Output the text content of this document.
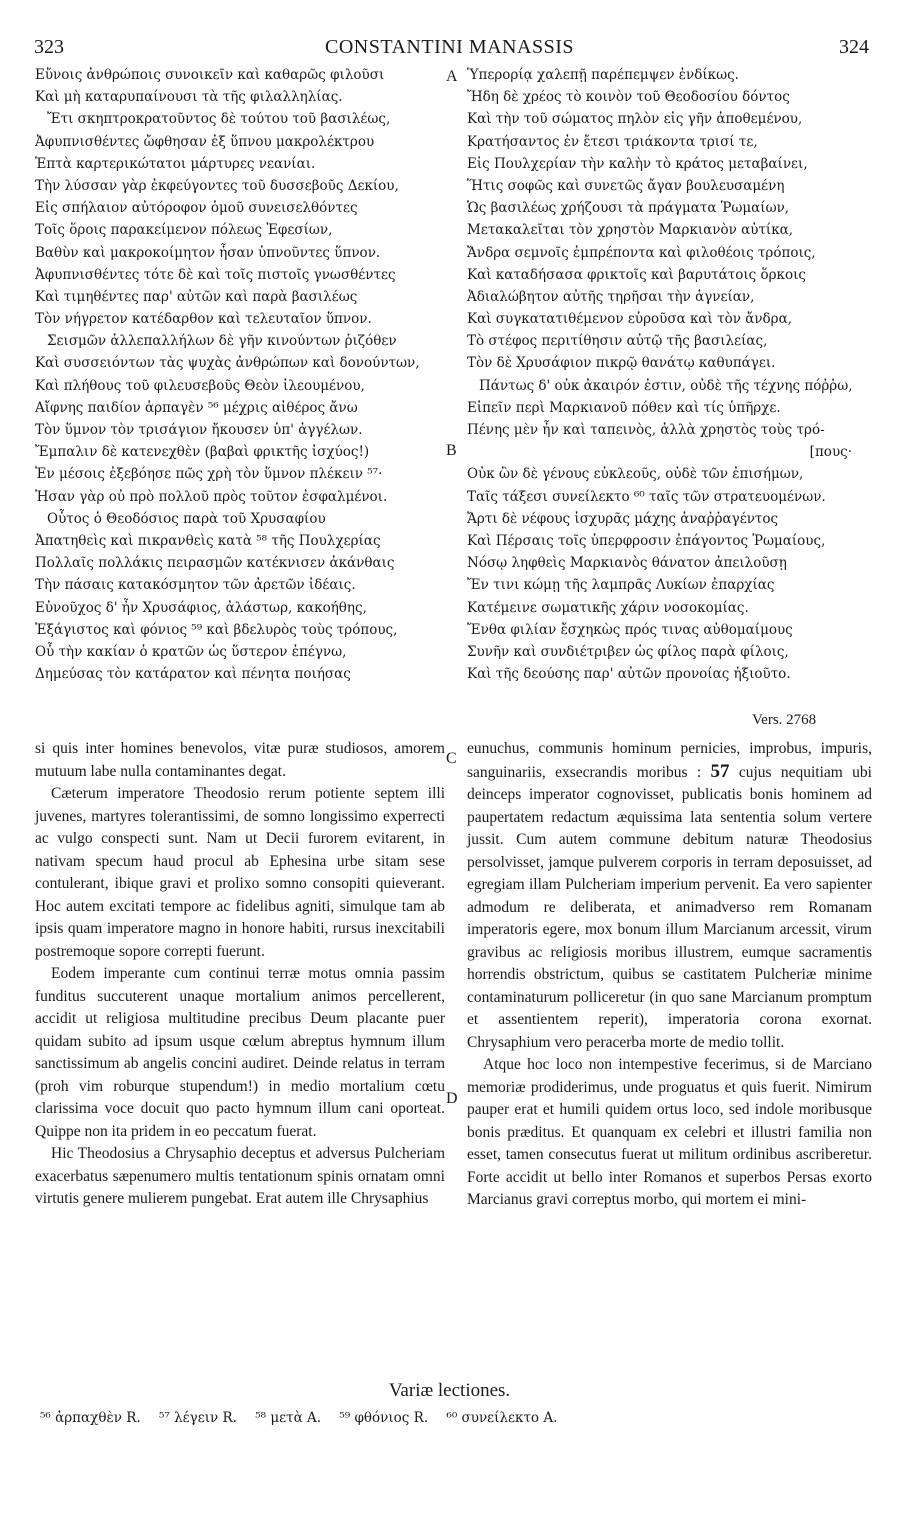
323	CONSTANTINI MANASSIS	324
Εὔνοις ἀνθρώποις συνοικεῖν καὶ καθαρῶς φιλοῦσι
Καὶ μὴ καταρυπαίνουσι τὰ τῆς φιλαλληλίας.
Ἔτι σκηπτροκρατοῦντος δὲ τούτου τοῦ βασιλέως,
Ἀφυπνισθέντες ὤφθησαν ἐξ ὕπνου μακρολέκτρου
Ἑπτὰ καρτερικώτατοι μάρτυρες νεανίαι.
Τὴν λύσσαν γὰρ ἐκφεύγοντες τοῦ δυσσεβοῦς Δεκίου,
Εἰς σπήλαιον αὐτόροφον ὁμοῦ συνεισελθόντες
Τοῖς ὅροις παρακείμενον πόλεως Ἐφεσίων,
Βαθὺν καὶ μακροκοίμητον ἦσαν ὑπνοῦντες ὕπνον.
Ἀφυπνισθέντες τότε δὲ καὶ τοῖς πιστοῖς γνωσθέντες
Καὶ τιμηθέντες παρ' αὐτῶν καὶ παρὰ βασιλέως
Τὸν νήγρετον κατέδαρθον καὶ τελευταῖον ὕπνον.
Σεισμῶν ἀλλεπαλλήλων δὲ γῆν κινούντων ῥιζόθεν
Καὶ συσσειόντων τὰς ψυχὰς ἀνθρώπων καὶ δονούντων,
Καὶ πλήθους τοῦ φιλευσεβοῦς Θεὸν ἱλεουμένου,
Αἴφνης παιδίον ἁρπαγὲν ⁵⁶ μέχρις αἰθέρος ἄνω
Τὸν ὕμνον τὸν τρισάγιον ἤκουσεν ὑπ' ἀγγέλων.
Ἔμπαλιν δὲ κατενεχθὲν (βαβαὶ φρικτῆς ἰσχύος!)
Ἐν μέσοις ἐξεβόησε πῶς χρὴ τὸν ὕμνον πλέκειν ⁵⁷·
Ἠσαν γὰρ οὐ πρὸ πολλοῦ πρὸς τοῦτον ἐσφαλμένοι.
Οὗτος ὁ Θεοδόσιος παρὰ τοῦ Χρυσαφίου
Ἀπατηθεὶς καὶ πικρανθεὶς κατὰ ⁵⁸ τῆς Πουλχερίας
Πολλαῖς πολλάκις πειρασμῶν κατέκνισεν ἀκάνθαις
Τὴν πάσαις κατακόσμητον τῶν ἀρετῶν ἰδέαις.
Εὐνοῦχος δ' ἦν Χρυσάφιος, ἀλάστωρ, κακοήθης,
Ἐξάγιστος καὶ φόνιος ⁵⁹ καὶ βδελυρὸς τοὺς τρόπους,
Οὗ τὴν κακίαν ὁ κρατῶν ὡς ὕστερον ἐπέγνω,
Δημεύσας τὸν κατάρατον καὶ πένητα ποιήσας
Ὑπερορίᾳ χαλεπῇ παρέπεμψεν ἐνδίκως.
Ἤδη δὲ χρέος τὸ κοινὸν τοῦ Θεοδοσίου δόντος
Καὶ τὴν τοῦ σώματος πηλὸν εἰς γῆν ἀποθεμένου,
Κρατήσαντος ἐν ἔτεσι τριάκοντα τρισί τε,
Εἰς Πουλχερίαν τὴν καλὴν τὸ κράτος μεταβαίνει,
Ἥτις σοφῶς καὶ συνετῶς ἄγαν βουλευσαμένη
Ὡς βασιλέως χρήζουσι τὰ πράγματα Ῥωμαίων,
Μετακαλεῖται τὸν χρηστὸν Μαρκιανὸν αὐτίκα,
Ἄνδρα σεμνοῖς ἐμπρέποντα καὶ φιλοθέοις τρόποις,
Καὶ καταδήσασα φρικτοῖς καὶ βαρυτάτοις ὅρκοις
Ἀδιαλώβητον αὐτῆς τηρῆσαι τὴν ἁγνείαν,
Καὶ συγκατατιθέμενον εὑροῦσα καὶ τὸν ἄνδρα,
Τὸ στέφος περιτίθησιν αὐτῷ τῆς βασιλείας,
Τὸν δὲ Χρυσάφιον πικρῷ θανάτῳ καθυπάγει.
Πάντως δ' οὐκ ἀκαιρόν ἐστιν, οὐδὲ τῆς τέχνης πόῤῥω,
Εἰπεῖν περὶ Μαρκιανοῦ πόθεν καὶ τίς ὑπῆρχε.
Πένης μὲν ἦν καὶ ταπεινὸς, ἀλλὰ χρηστὸς τοὺς τρό-
[πους·
Οὐκ ὢν δὲ γένους εὐκλεοῦς, οὐδὲ τῶν ἐπισήμων,
Ταῖς τάξεσι συνείλεκτο ⁶⁰ ταῖς τῶν στρατευομένων.
Ἄρτι δὲ νέφους ἰσχυρᾶς μάχης ἀναῤῥαγέντος
Καὶ Πέρσαις τοῖς ὑπερφροσιν ἐπάγοντος Ῥωμαίους,
Νόσῳ ληφθεὶς Μαρκιανὸς θάνατον ἀπειλοῦσῃ
Ἔν τινι κώμῃ τῆς λαμπρᾶς Λυκίων ἐπαρχίας
Κατέμεινε σωματικῆς χάριν νοσοκομίας.
Ἔνθα φιλίαν ἔσχηκὼς πρός τινας αὐθομαίμους
Συνῆν καὶ συνδιέτριβεν ὡς φίλος παρὰ φίλοις,
Καὶ τῆς δεούσης παρ' αὐτῶν προνοίας ἠξιοῦτο.
A
B
C
D
Vers. 2768

si quis inter homines benevolos, vitæ puræ studiosos, amorem mutuum labe nulla contaminantes degat.

Cæterum imperatore Theodosio rerum potiente septem illi juvenes, martyres tolerantissimi, de somno longissimo experrecti ac vulgo conspecti sunt. Nam ut Decii furorem evitarent, in nativam specum haud procul ab Ephesina urbe sitam sese contulerant, ibique gravi et prolixo somno consopiti quieverant. Hoc autem excitati tempore ac fidelibus agniti, simulque tam ab ipsis quam imperatore magno in honore habiti, rursus inexcitabili postremoque sopore correpti fuerunt.

Eodem imperante cum continui terræ motus omnia passim funditus succuterent unaque mortalium animos percellerent, accidit ut religiosa multitudine precibus Deum placante puer quidam subito ad ipsum usque cœlum abreptus hymnum illum sanctissimum ab angelis concini audiret. Deinde relatus in terram (proh vim roburque stupendum!) in medio mortalium cœtu clarissima voce docuit quo pacto hymnum illum cani oporteat. Quippe non ita pridem in eo peccatum fuerat.

Hic Theodosius a Chrysaphio deceptus et adversus Pulcheriam exacerbatus sæpenumero multis tentationum spinis ornatam omni virtutis genere mulierem pungebat. Erat autem ille Chrysaphius

eunuchus, communis hominum pernicies, improbus, impuris, sanguinariis, exsecrandis moribus : 57 cujus nequitiam ubi deinceps imperator cognovisset, publicatis bonis hominem ad paupertatem redactum æquissima lata sententia solum vertere jussit. Cum autem commune debitum naturæ Theodosius persolvisset, jamque pulverem corporis in terram deposuisset, ad egregiam illam Pulcheriam imperium pervenit. Ea vero sapienter admodum re deliberata, et animadverso rem Romanam imperatoris egere, mox bonum illum Marcianum arcessit, virum gravibus ac religiosis moribus illustrem, eumque sacramentis horrendis obstrictum, quibus se castitatem Pulcheriæ minime contaminaturum polliceretur (in quo sane Marcianum promptum et assentientem reperit), imperatoria corona exornat. Chrysaphium vero peracerba morte de medio tollit.

Atque hoc loco non intempestive fecerimus, si de Marciano memoriæ prodiderimus, unde proguatus et quis fuerit. Nimirum pauper erat et humili quidem ortus loco, sed indole moribusque bonis præditus. Et quanquam ex celebri et illustri familia non esset, tamen consecutus fuerat ut militum ordinibus ascriberetur. Forte accidit ut bello inter Romanos et superbos Persas exorto Marcianus gravi correptus morbo, qui mortem ei mini-

Variæ lectiones.
⁵⁶ ἀρπαχθὲν R. ⁵⁷ λέγειν R. ⁵⁸ μετὰ A. ⁵⁹ φθόνιος R. ⁶⁰ συνείλεκτο A.
